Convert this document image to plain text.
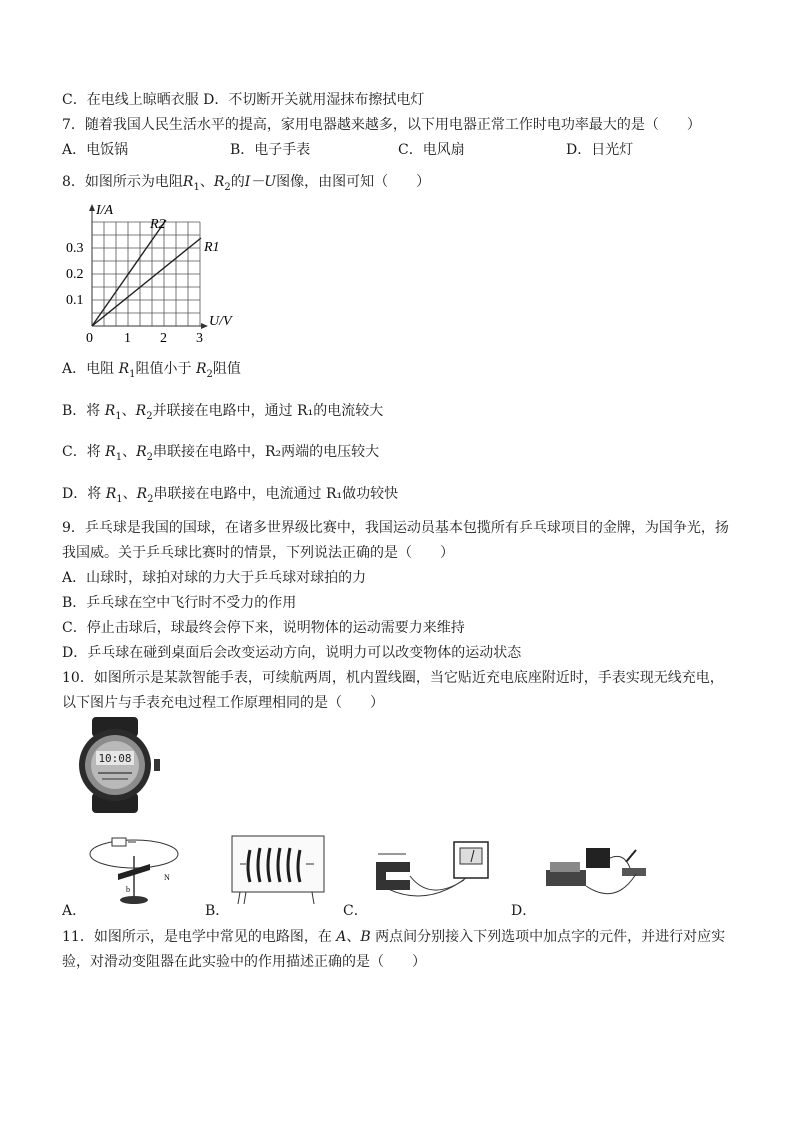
C．在电线上晾晒衣服 D．不切断开关就用湿抹布擦拭电灯
7．随着我国人民生活水平的提高，家用电器越来越多，以下用电器正常工作时电功率最大的是（　　）
A．电饭锅	B．电子手表	C．电风扇	D．日光灯
8．如图所示为电阻$R_1$、$R_2$的I－U图像，由图可知（　　）
I/A
U/V
R2
R1
0.3
0.2
0.1
0 1 2 3
A．电阻 $R_1$阻值小于 $R_2$阻值
B．将 $R_1$、$R_2$并联接在电路中，通过 R₁的电流较大
C．将 $R_1$、$R_2$串联接在电路中，R₂两端的电压较大
D．将 $R_1$、$R_2$串联接在电路中，电流通过 R₁做功较快
9．乒乓球是我国的国球，在诸多世界级比赛中，我国运动员基本包揽所有乒乓球项目的金牌，为国争光，扬
我国威。关于乒乓球比赛时的情景，下列说法正确的是（　　）
A．山球时，球拍对球的力大于乒乓球对球拍的力
B．乒乓球在空中飞行时不受力的作用
C．停止击球后，球最终会停下来，说明物体的运动需要力来维持
D．乒乓球在碰到桌面后会改变运动方向，说明力可以改变物体的运动状态
10．如图所示是某款智能手表，可续航两周，机内置线圈，当它贴近充电底座附近时，手表实现无线充电，
以下图片与手表充电过程工作原理相同的是（　　）
10:08
b
N
A．	B．	C．	D．
11．如图所示，是电学中常见的电路图，在 A、B 两点间分别接入下列选项中加点字的元件，并进行对应实
验，对滑动变阻器在此实验中的作用描述正确的是（　　）
